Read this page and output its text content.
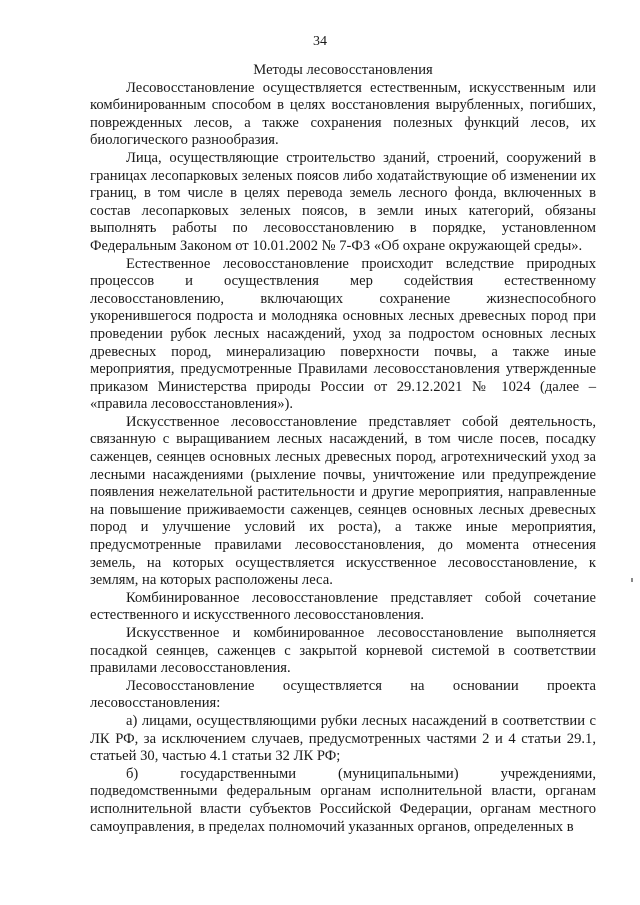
34
Методы лесовосстановления

Лесовосстановление осуществляется естественным, искусственным или комбинированным способом в целях восстановления вырубленных, погибших, поврежденных лесов, а также сохранения полезных функций лесов, их биологического разнообразия.

Лица, осуществляющие строительство зданий, строений, сооружений в границах лесопарковых зеленых поясов либо ходатайствующие об изменении их границ, в том числе в целях перевода земель лесного фонда, включенных в состав лесопарковых зеленых поясов, в земли иных категорий, обязаны выполнять работы по лесовосстановлению в порядке, установленном Федеральным Законом от 10.01.2002 № 7-ФЗ «Об охране окружающей среды».

Естественное лесовосстановление происходит вследствие природных процессов и осуществления мер содействия естественному лесовосстановлению, включающих сохранение жизнеспособного укоренившегося подроста и молодняка основных лесных древесных пород при проведении рубок лесных насаждений, уход за подростом основных лесных древесных пород, минерализацию поверхности почвы, а также иные мероприятия, предусмотренные Правилами лесовосстановления утвержденные приказом Министерства природы России от 29.12.2021 № 1024 (далее – «правила лесовосстановления»).

Искусственное лесовосстановление представляет собой деятельность, связанную с выращиванием лесных насаждений, в том числе посев, посадку саженцев, сеянцев основных лесных древесных пород, агротехнический уход за лесными насаждениями (рыхление почвы, уничтожение или предупреждение появления нежелательной растительности и другие мероприятия, направленные на повышение приживаемости саженцев, сеянцев основных лесных древесных пород и улучшение условий их роста), а также иные мероприятия, предусмотренные правилами лесовосстановления, до момента отнесения земель, на которых осуществляется искусственное лесовосстановление, к землям, на которых расположены леса.

Комбинированное лесовосстановление представляет собой сочетание естественного и искусственного лесовосстановления.

Искусственное и комбинированное лесовосстановление выполняется посадкой сеянцев, саженцев с закрытой корневой системой в соответствии правилами лесовосстановления.

Лесовосстановление осуществляется на основании проекта лесовосстановления:

а) лицами, осуществляющими рубки лесных насаждений в соответствии с ЛК РФ, за исключением случаев, предусмотренных частями 2 и 4 статьи 29.1, статьей 30, частью 4.1 статьи 32 ЛК РФ;

б) государственными (муниципальными) учреждениями, подведомственными федеральным органам исполнительной власти, органам исполнительной власти субъектов Российской Федерации, органам местного самоуправления, в пределах полномочий указанных органов, определенных в
